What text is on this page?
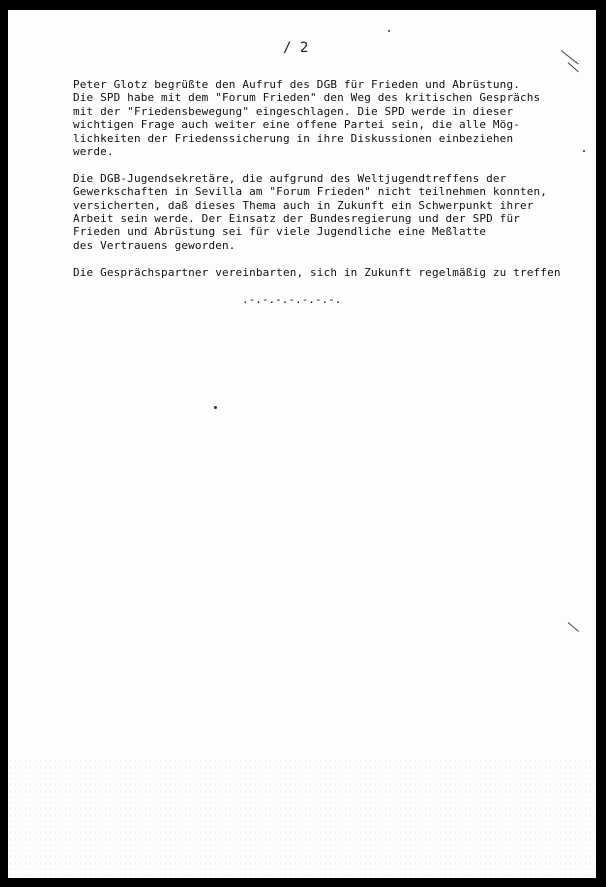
/ 2

Peter Glotz begrüßte den Aufruf des DGB für Frieden und Abrüstung.
Die SPD habe mit dem "Forum Frieden" den Weg des kritischen Gesprächs
mit der "Friedensbewegung" eingeschlagen. Die SPD werde in dieser
wichtigen Frage auch weiter eine offene Partei sein, die alle Mög-
lichkeiten der Friedenssicherung in ihre Diskussionen einbeziehen
werde.

Die DGB-Jugendsekretäre, die aufgrund des Weltjugendtreffens der
Gewerkschaften in Sevilla am "Forum Frieden" nicht teilnehmen konnten,
versicherten, daß dieses Thema auch in Zukunft ein Schwerpunkt ihrer
Arbeit sein werde. Der Einsatz der Bundesregierung und der SPD für
Frieden und Abrüstung sei für viele Jugendliche eine Meßlatte
des Vertrauens geworden.

Die Gesprächspartner vereinbarten, sich in Zukunft regelmäßig zu treffen

.-.-.-.-.-.-.-.
